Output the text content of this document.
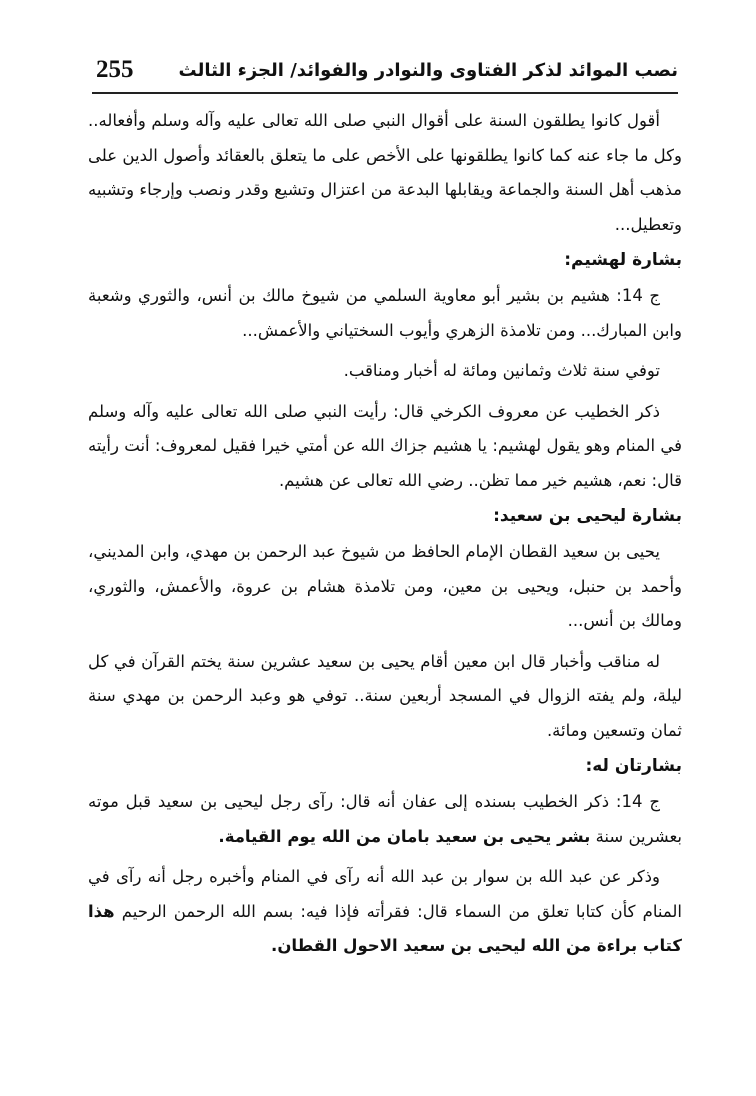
255	نصب الموائد لذكر الفتاوى والنوادر والفوائد/ الجزء الثالث

أقول كانوا يطلقون السنة على أقوال النبي صلى الله تعالى عليه وآله وسلم وأفعاله.. وكل ما جاء عنه كما كانوا يطلقونها على الأخص على ما يتعلق بالعقائد وأصول الدين على مذهب أهل السنة والجماعة ويقابلها البدعة من اعتزال وتشيع وقدر ونصب وإرجاء وتشبيه وتعطيل...

بشارة لهشيم:

ج 14: هشيم بن بشير أبو معاوية السلمي من شيوخ مالك بن أنس، والثوري وشعبة وابن المبارك... ومن تلامذة الزهري وأيوب السختياني والأعمش...

توفي سنة ثلاث وثمانين ومائة له أخبار ومناقب.

ذكر الخطيب عن معروف الكرخي قال: رأيت النبي صلى الله تعالى عليه وآله وسلم في المنام وهو يقول لهشيم: يا هشيم جزاك الله عن أمتي خيرا فقيل لمعروف: أنت رأيته قال: نعم، هشيم خير مما تظن.. رضي الله تعالى عن هشيم.

بشارة ليحيى بن سعيد:

يحيى بن سعيد القطان الإمام الحافظ من شيوخ عبد الرحمن بن مهدي، وابن المديني، وأحمد بن حنبل، ويحيى بن معين، ومن تلامذة هشام بن عروة، والأعمش، والثوري، ومالك بن أنس...

له مناقب وأخبار قال ابن معين أقام يحيى بن سعيد عشرين سنة يختم القرآن في كل ليلة، ولم يفته الزوال في المسجد أربعين سنة.. توفي هو وعبد الرحمن بن مهدي سنة ثمان وتسعين ومائة.

بشارتان له:

ج 14: ذكر الخطيب بسنده إلى عفان أنه قال: رآى رجل ليحيى بن سعيد قبل موته بعشرين سنة بشر يحيى بن سعيد بامان من الله يوم القيامة.

وذكر عن عبد الله بن سوار بن عبد الله أنه رآى في المنام وأخبره رجل أنه رآى في المنام كأن كتابا تعلق من السماء قال: فقرأته فإذا فيه: بسم الله الرحمن الرحيم هذا كتاب براءة من الله ليحيى بن سعيد الاحول القطان.
